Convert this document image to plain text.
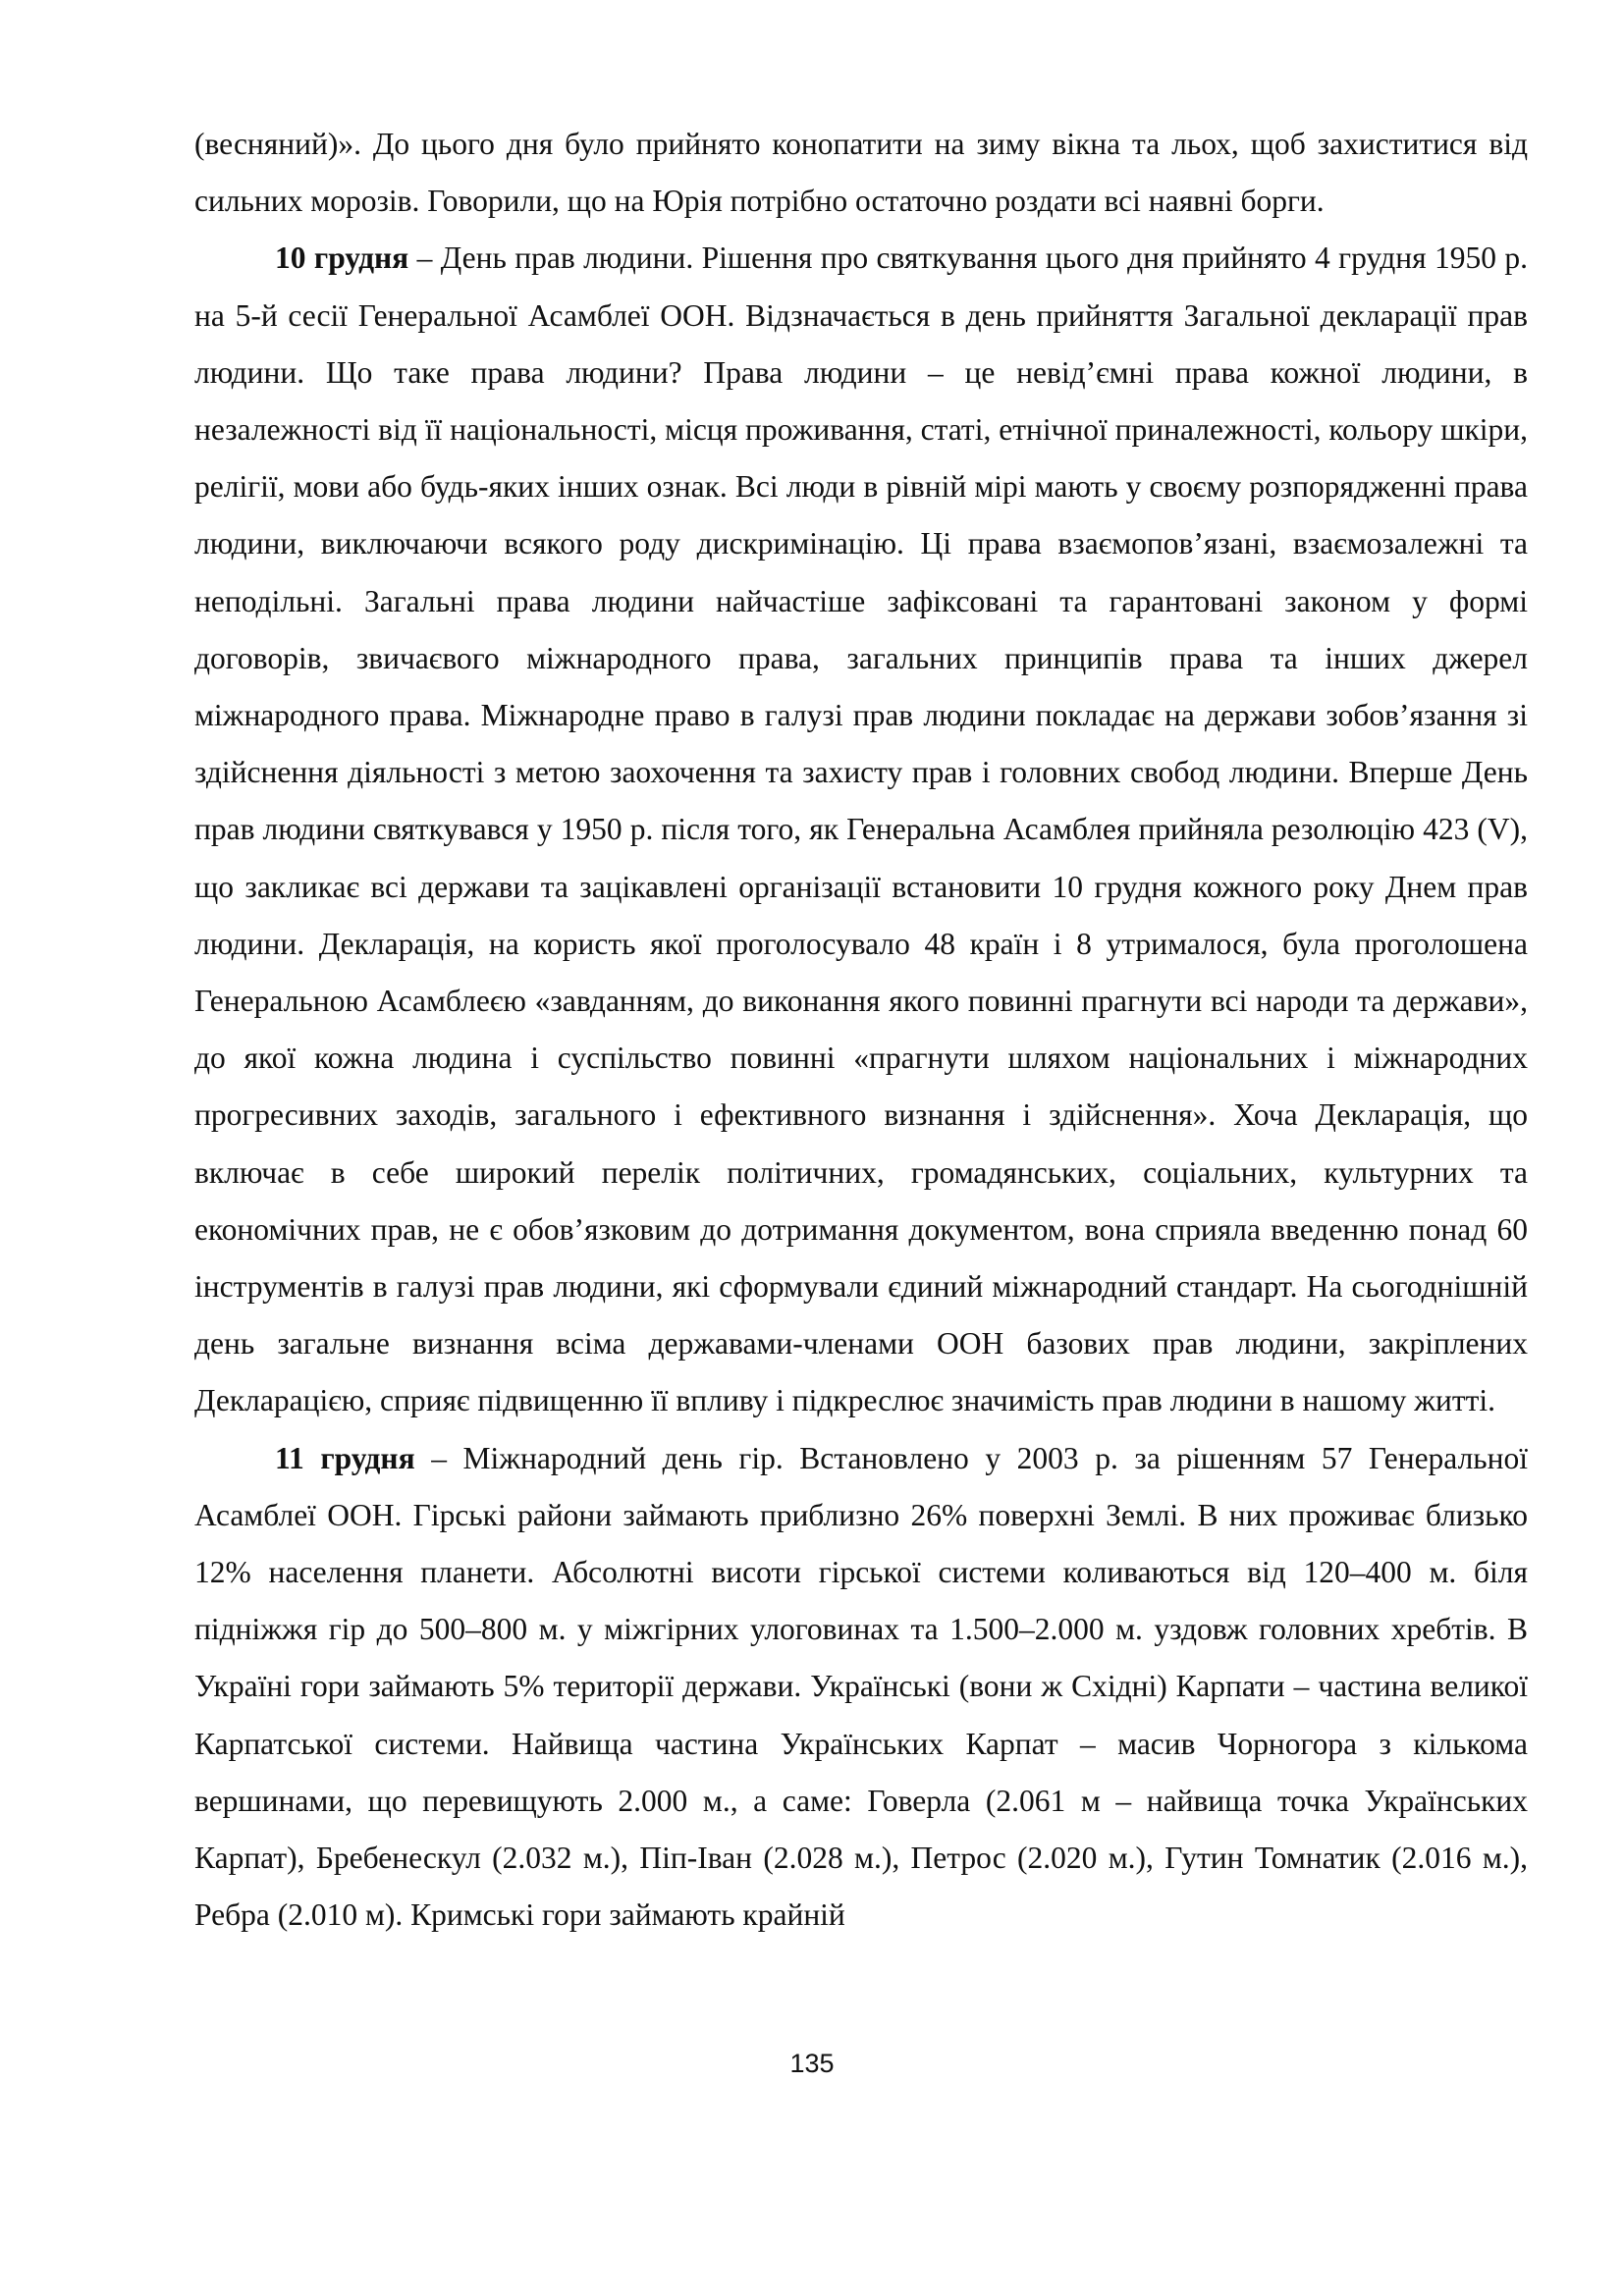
(весняний)». До цього дня було прийнято конопатити на зиму вікна та льох, щоб захиститися від сильних морозів. Говорили, що на Юрія потрібно остаточно роздати всі наявні борги.

10 грудня – День прав людини. Рішення про святкування цього дня прийнято 4 грудня 1950 р. на 5-й сесії Генеральної Асамблеї ООН. Відзначається в день прийняття Загальної декларації прав людини. Що таке права людини? Права людини – це невід’ємні права кожної людини, в незалежності від її національності, місця проживання, статі, етнічної приналежності, кольору шкіри, релігії, мови або будь-яких інших ознак. Всі люди в рівній мірі мають у своєму розпорядженні права людини, виключаючи всякого роду дискримінацію. Ці права взаємопов’язані, взаємозалежні та неподільні. Загальні права людини найчастіше зафіксовані та гарантовані законом у формі договорів, звичаєвого міжнародного права, загальних принципів права та інших джерел міжнародного права. Міжнародне право в галузі прав людини покладає на держави зобов’язання зі здійснення діяльності з метою заохочення та захисту прав і головних свобод людини. Вперше День прав людини святкувався у 1950 р. після того, як Генеральна Асамблея прийняла резолюцію 423 (V), що закликає всі держави та зацікавлені організації встановити 10 грудня кожного року Днем прав людини. Декларація, на користь якої проголосувало 48 країн і 8 утрималося, була проголошена Генеральною Асамблеєю «завданням, до виконання якого повинні прагнути всі народи та держави», до якої кожна людина і суспільство повинні «прагнути шляхом національних і міжнародних прогресивних заходів, загального і ефективного визнання і здійснення». Хоча Декларація, що включає в себе широкий перелік політичних, громадянських, соціальних, культурних та економічних прав, не є обов’язковим до дотримання документом, вона сприяла введенню понад 60 інструментів в галузі прав людини, які сформували єдиний міжнародний стандарт. На сьогоднішній день загальне визнання всіма державами-членами ООН базових прав людини, закріплених Декларацією, сприяє підвищенню її впливу і підкреслює значимість прав людини в нашому житті.

11 грудня – Міжнародний день гір. Встановлено у 2003 р. за рішенням 57 Генеральної Асамблеї ООН. Гірські райони займають приблизно 26% поверхні Землі. В них проживає близько 12% населення планети. Абсолютні висоти гірської системи коливаються від 120–400 м. біля підніжжя гір до 500–800 м. у міжгірних улоговинах та 1.500–2.000 м. уздовж головних хребтів. В Україні гори займають 5% території держави. Українські (вони ж Східні) Карпати – частина великої Карпатської системи. Найвища частина Українських Карпат – масив Чорногора з кількома вершинами, що перевищують 2.000 м., а саме: Говерла (2.061 м – найвища точка Українських Карпат), Бребенескул (2.032 м.), Піп-Іван (2.028 м.), Петрос (2.020 м.), Гутин Томнатик (2.016 м.), Ребра (2.010 м). Кримські гори займають крайній

135
